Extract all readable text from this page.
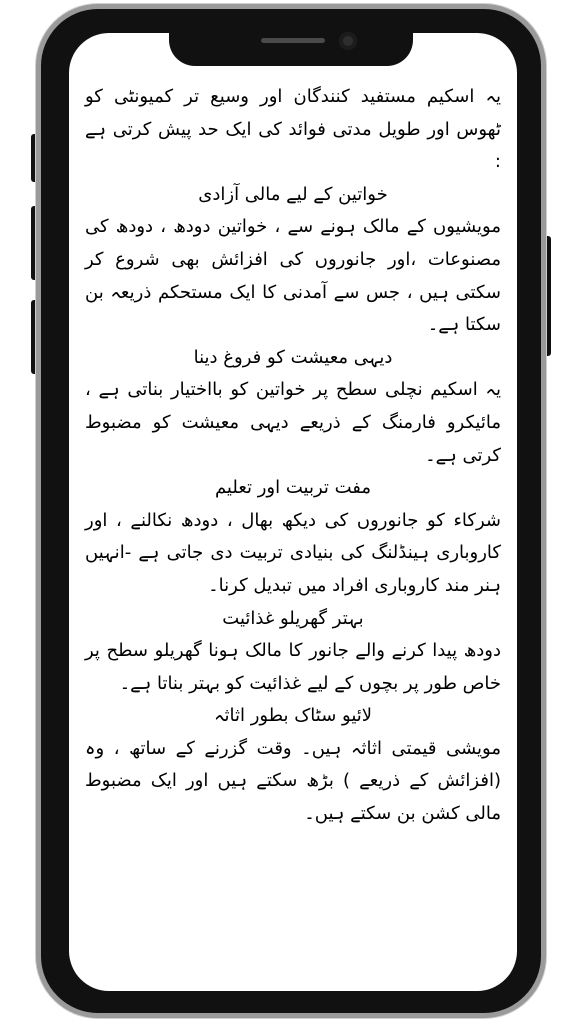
یہ اسکیم مستفید کنندگان اور وسیع تر کمیونٹی کو ٹھوس اور طویل مدتی فوائد کی ایک حد پیش کرتی ہے :

خواتین کے لیے مالی آزادی

مویشیوں کے مالک ہونے سے ، خواتین دودھ ، دودھ کی مصنوعات ،اور جانوروں کی افزائش بھی شروع کر سکتی ہیں ، جس سے آمدنی کا ایک مستحکم ذریعہ بن سکتا ہے۔

دیہی معیشت کو فروغ دینا

یہ اسکیم نچلی سطح پر خواتین کو بااختیار بناتی ہے ، مائیکرو فارمنگ کے ذریعے دیہی معیشت کو مضبوط کرتی ہے۔

مفت تربیت اور تعلیم

شرکاء کو جانوروں کی دیکھ بھال ، دودھ نکالنے ، اور کاروباری ہینڈلنگ کی بنیادی تربیت دی جاتی ہے -انہیں ہنر مند کاروباری افراد میں تبدیل کرنا۔

بہتر گھریلو غذائیت

دودھ پیدا کرنے والے جانور کا مالک ہونا گھریلو سطح پر خاص طور پر بچوں کے لیے غذائیت کو بہتر بناتا ہے۔

لائیو سٹاک بطور اثاثہ

مویشی قیمتی اثاثہ ہیں۔ وقت گزرنے کے ساتھ ، وہ (افزائش کے ذریعے ) بڑھ سکتے ہیں اور ایک مضبوط مالی کشن بن سکتے ہیں۔
